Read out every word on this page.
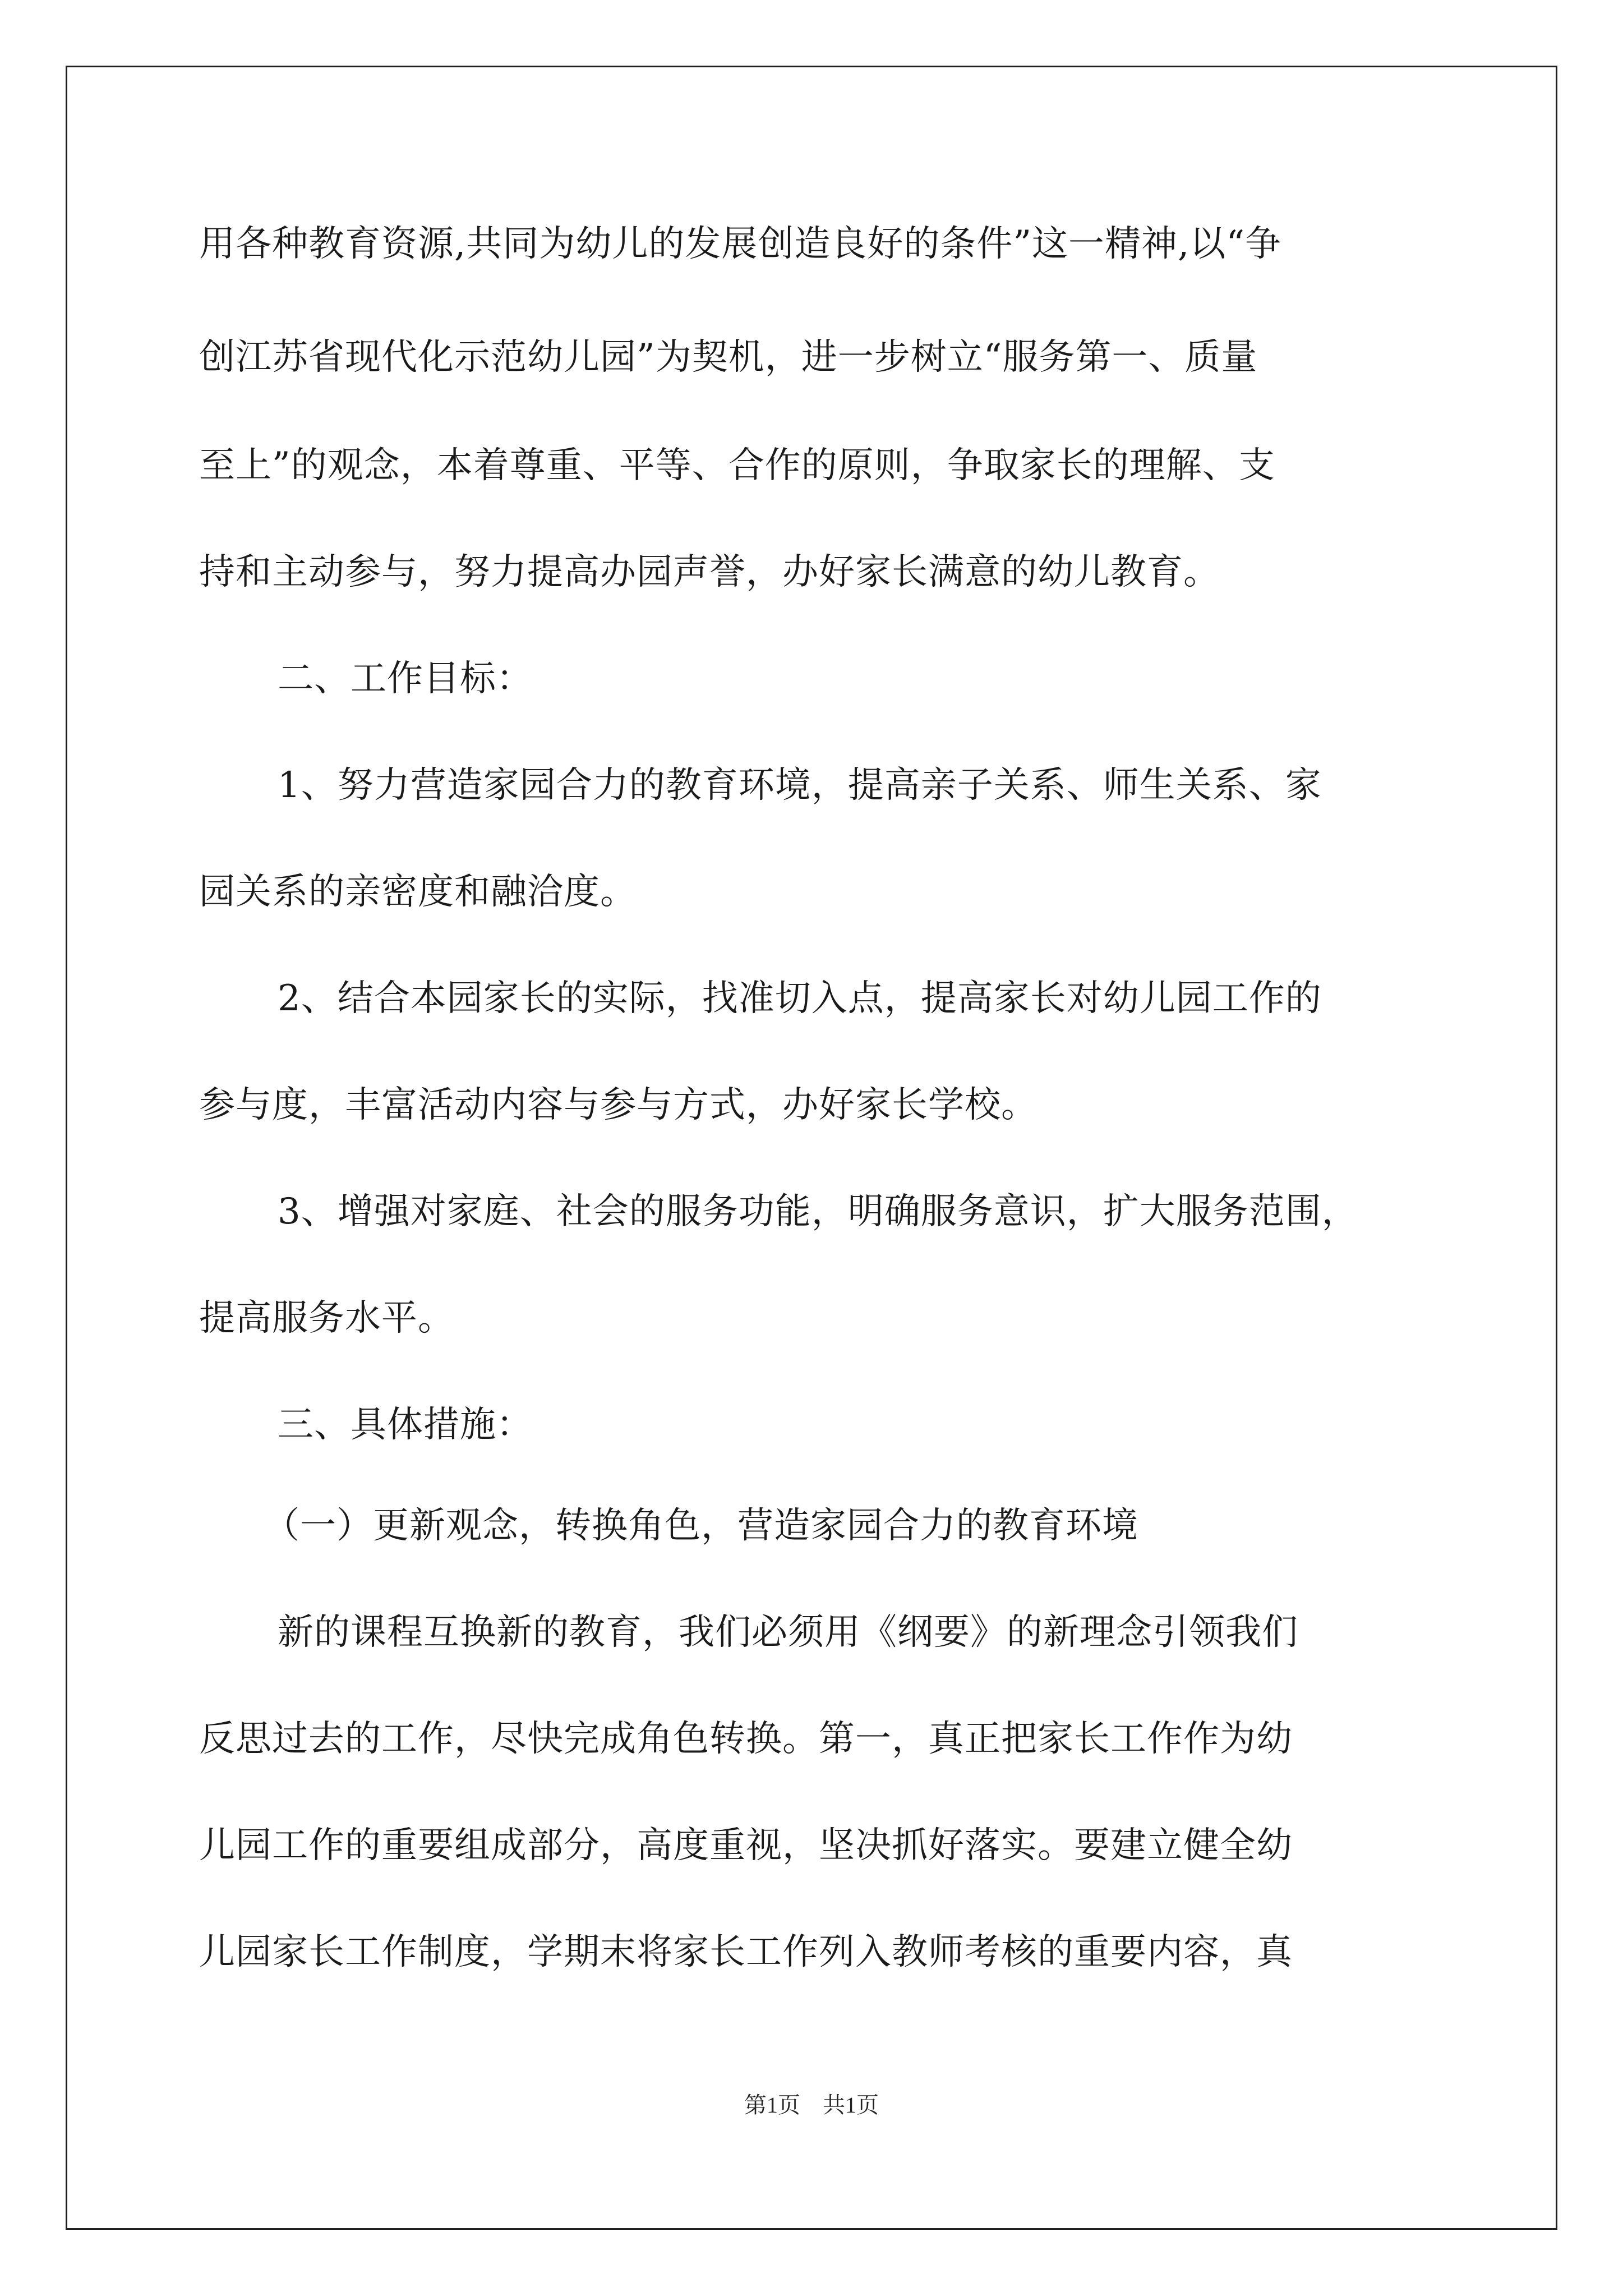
用各种教育资源,共同为幼儿的发展创造良好的条件”这一精神,以“争

创江苏省现代化示范幼儿园”为契机，进一步树立“服务第一、质量

至上”的观念，本着尊重、平等、合作的原则，争取家长的理解、支

持和主动参与，努力提高办园声誉，办好家长满意的幼儿教育。

二、工作目标：

1、努力营造家园合力的教育环境，提高亲子关系、师生关系、家

园关系的亲密度和融洽度。

2、结合本园家长的实际，找准切入点，提高家长对幼儿园工作的

参与度，丰富活动内容与参与方式，办好家长学校。

3、增强对家庭、社会的服务功能，明确服务意识，扩大服务范围，

提高服务水平。

三、具体措施：

（一）更新观念，转换角色，营造家园合力的教育环境

新的课程互换新的教育，我们必须用《纲要》的新理念引领我们

反思过去的工作，尽快完成角色转换。第一，真正把家长工作作为幼

儿园工作的重要组成部分，高度重视，坚决抓好落实。要建立健全幼

儿园家长工作制度，学期末将家长工作列入教师考核的重要内容，真

第1页　共1页
